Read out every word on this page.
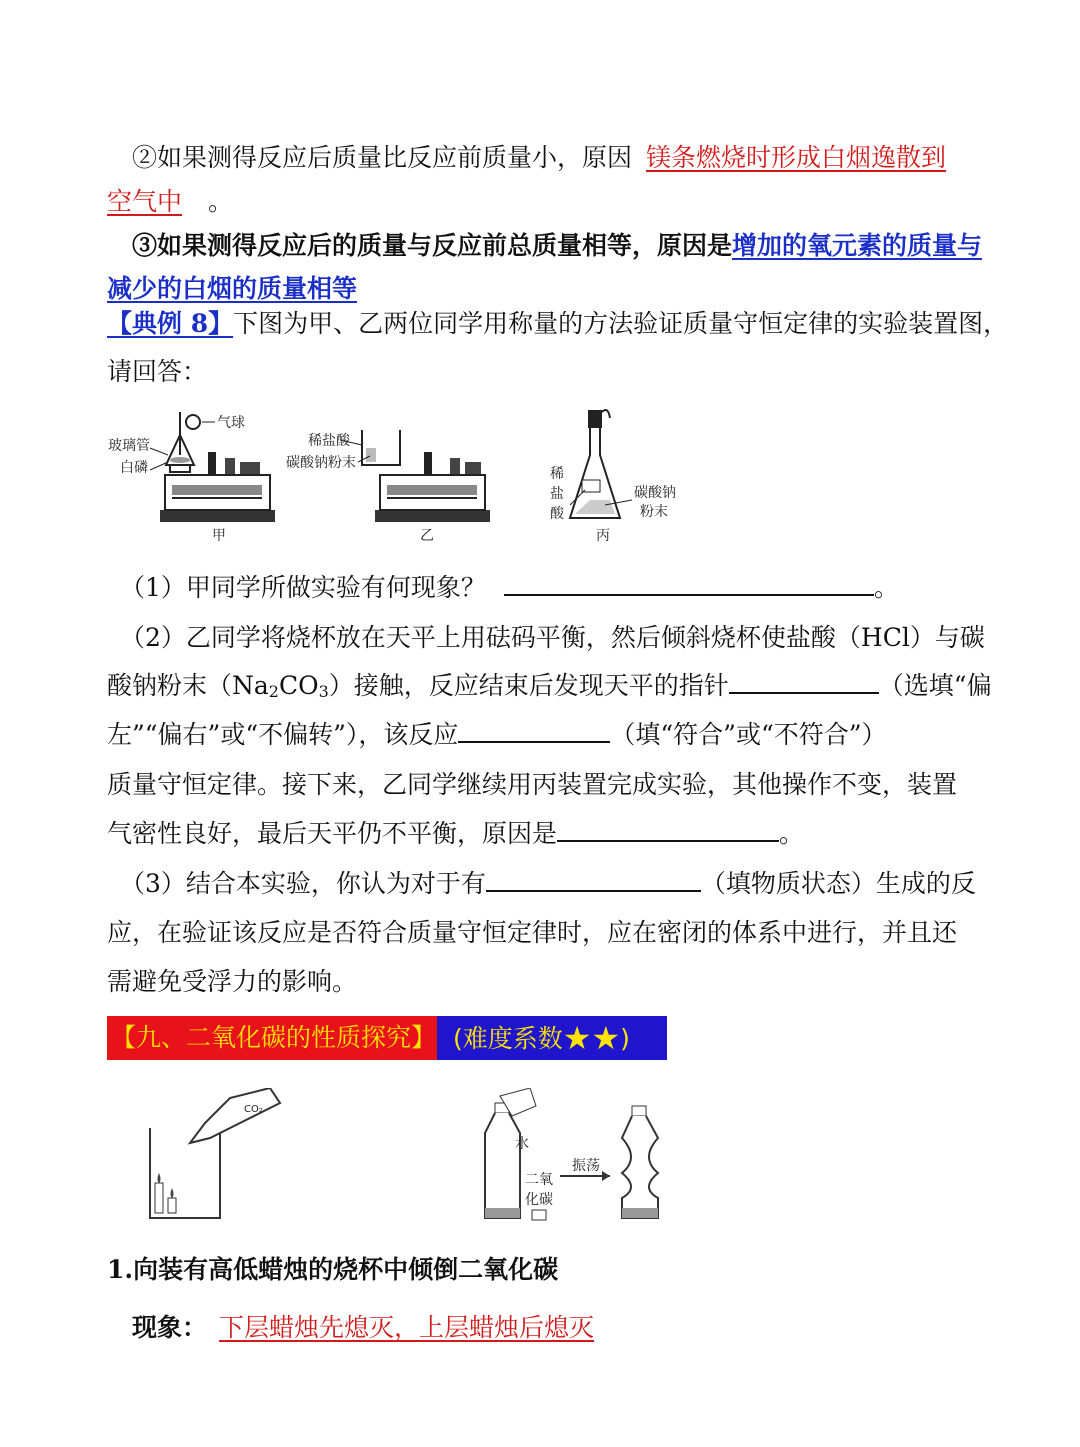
②如果测得反应后质量比反应前质量小，原因 镁条燃烧时形成白烟逸散到
空气中 。
③如果测得反应后的质量与反应前总质量相等，原因是增加的氧元素的质量与
减少的白烟的质量相等
【典例 8】下图为甲、乙两位同学用称量的方法验证质量守恒定律的实验装置图，
请回答：
气球
玻璃管
白磷
甲
稀盐酸
碳酸钠粉末
乙
稀
盐
酸
碳酸钠
粉末
丙
（1）甲同学所做实验有何现象？	。
（2）乙同学将烧杯放在天平上用砝码平衡，然后倾斜烧杯使盐酸（HCl）与碳
酸钠粉末（Na2CO3）接触，反应结束后发现天平的指针	（选填“偏
左”“偏右”或“不偏转”），该反应	（填“符合”或“不符合”）
质量守恒定律。接下来，乙同学继续用丙装置完成实验，其他操作不变，装置
气密性良好，最后天平仍不平衡，原因是	。
（3）结合本实验，你认为对于有	（填物质状态）生成的反
应，在验证该反应是否符合质量守恒定律时，应在密闭的体系中进行，并且还
需避免受浮力的影响。
【九、二氧化碳的性质探究】 (难度系数★★)
CO₂
水
二氧
化碳
振荡
1.向装有高低蜡烛的烧杯中倾倒二氧化碳
现象： 下层蜡烛先熄灭，上层蜡烛后熄灭
